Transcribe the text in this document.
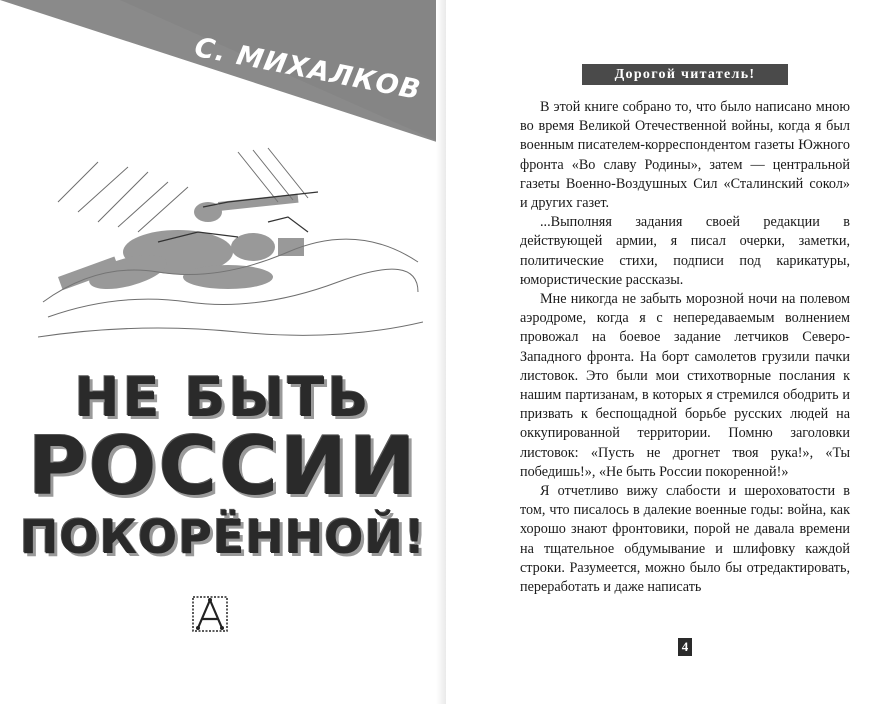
С. МИХАЛКОВ
НЕ БЫТЬ
РОССИИ
ПОКОРЁННОЙ!
Дорогой читатель!

В этой книге собрано то, что было написано мною во время Великой Отечественной войны, когда я был военным писателем-корреспондентом газеты Южного фронта «Во славу Родины», затем — центральной газеты Военно-Воздушных Сил «Сталинский сокол» и других газет.

...Выполняя задания своей редакции в действующей армии, я писал очерки, заметки, политические стихи, подписи под карикатуры, юмористические рассказы.

Мне никогда не забыть морозной ночи на полевом аэродроме, когда я с непередаваемым волнением провожал на боевое задание летчиков Северо-Западного фронта. На борт самолетов грузили пачки листовок. Это были мои стихотворные послания к нашим партизанам, в которых я стремился ободрить и призвать к беспощадной борьбе русских людей на оккупированной территории. Помню заголовки листовок: «Пусть не дрогнет твоя рука!», «Ты победишь!», «Не быть России покоренной!»

Я отчетливо вижу слабости и шероховатости в том, что писалось в далекие военные годы: война, как хорошо знают фронтовики, порой не давала времени на тщательное обдумывание и шлифовку каждой строки. Разумеется, можно было бы отредактировать, переработать и даже написать

4
